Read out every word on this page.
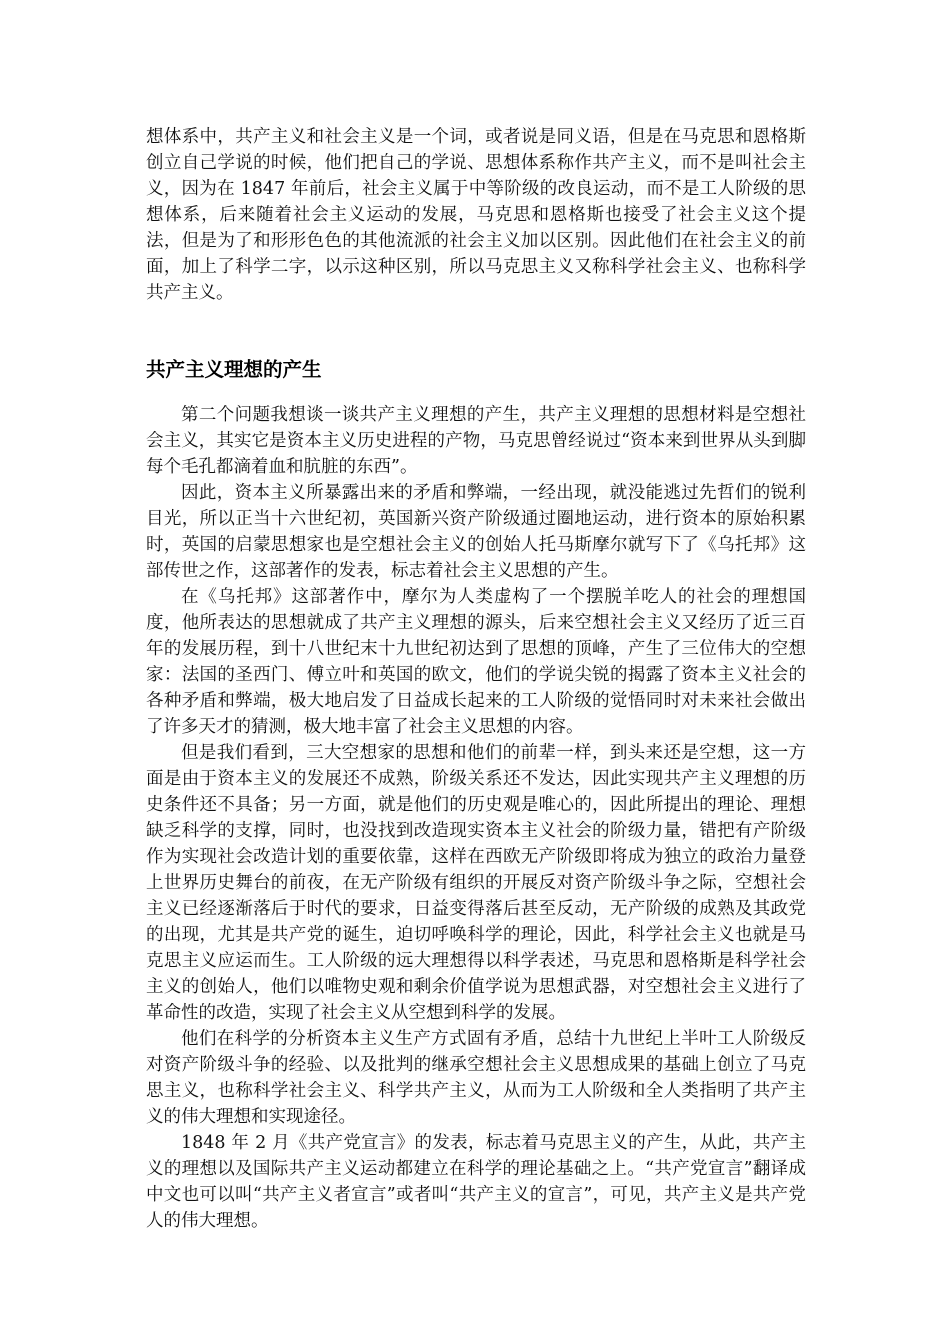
想体系中，共产主义和社会主义是一个词，或者说是同义语，但是在马克思和恩格斯创立自己学说的时候，他们把自己的学说、思想体系称作共产主义，而不是叫社会主义，因为在 1847 年前后，社会主义属于中等阶级的改良运动，而不是工人阶级的思想体系，后来随着社会主义运动的发展，马克思和恩格斯也接受了社会主义这个提法，但是为了和形形色色的其他流派的社会主义加以区别。因此他们在社会主义的前面，加上了科学二字，以示这种区别，所以马克思主义又称科学社会主义、也称科学共产主义。

共产主义理想的产生

第二个问题我想谈一谈共产主义理想的产生，共产主义理想的思想材料是空想社会主义，其实它是资本主义历史进程的产物，马克思曾经说过“资本来到世界从头到脚每个毛孔都滴着血和肮脏的东西”。

因此，资本主义所暴露出来的矛盾和弊端，一经出现，就没能逃过先哲们的锐利目光，所以正当十六世纪初，英国新兴资产阶级通过圈地运动，进行资本的原始积累时，英国的启蒙思想家也是空想社会主义的创始人托马斯摩尔就写下了《乌托邦》这部传世之作，这部著作的发表，标志着社会主义思想的产生。

在《乌托邦》这部著作中，摩尔为人类虚构了一个摆脱羊吃人的社会的理想国度，他所表达的思想就成了共产主义理想的源头，后来空想社会主义又经历了近三百年的发展历程，到十八世纪末十九世纪初达到了思想的顶峰，产生了三位伟大的空想家：法国的圣西门、傅立叶和英国的欧文，他们的学说尖锐的揭露了资本主义社会的各种矛盾和弊端，极大地启发了日益成长起来的工人阶级的觉悟同时对未来社会做出了许多天才的猜测，极大地丰富了社会主义思想的内容。

但是我们看到，三大空想家的思想和他们的前辈一样，到头来还是空想，这一方面是由于资本主义的发展还不成熟，阶级关系还不发达，因此实现共产主义理想的历史条件还不具备；另一方面，就是他们的历史观是唯心的，因此所提出的理论、理想缺乏科学的支撑，同时，也没找到改造现实资本主义社会的阶级力量，错把有产阶级作为实现社会改造计划的重要依靠，这样在西欧无产阶级即将成为独立的政治力量登上世界历史舞台的前夜，在无产阶级有组织的开展反对资产阶级斗争之际，空想社会主义已经逐渐落后于时代的要求，日益变得落后甚至反动，无产阶级的成熟及其政党的出现，尤其是共产党的诞生，迫切呼唤科学的理论，因此，科学社会主义也就是马克思主义应运而生。工人阶级的远大理想得以科学表述，马克思和恩格斯是科学社会主义的创始人，他们以唯物史观和剩余价值学说为思想武器，对空想社会主义进行了革命性的改造，实现了社会主义从空想到科学的发展。

他们在科学的分析资本主义生产方式固有矛盾，总结十九世纪上半叶工人阶级反对资产阶级斗争的经验、以及批判的继承空想社会主义思想成果的基础上创立了马克思主义，也称科学社会主义、科学共产主义，从而为工人阶级和全人类指明了共产主义的伟大理想和实现途径。

1848 年 2 月《共产党宣言》的发表，标志着马克思主义的产生，从此，共产主义的理想以及国际共产主义运动都建立在科学的理论基础之上。“共产党宣言”翻译成中文也可以叫“共产主义者宣言”或者叫“共产主义的宣言”，可见，共产主义是共产党人的伟大理想。
